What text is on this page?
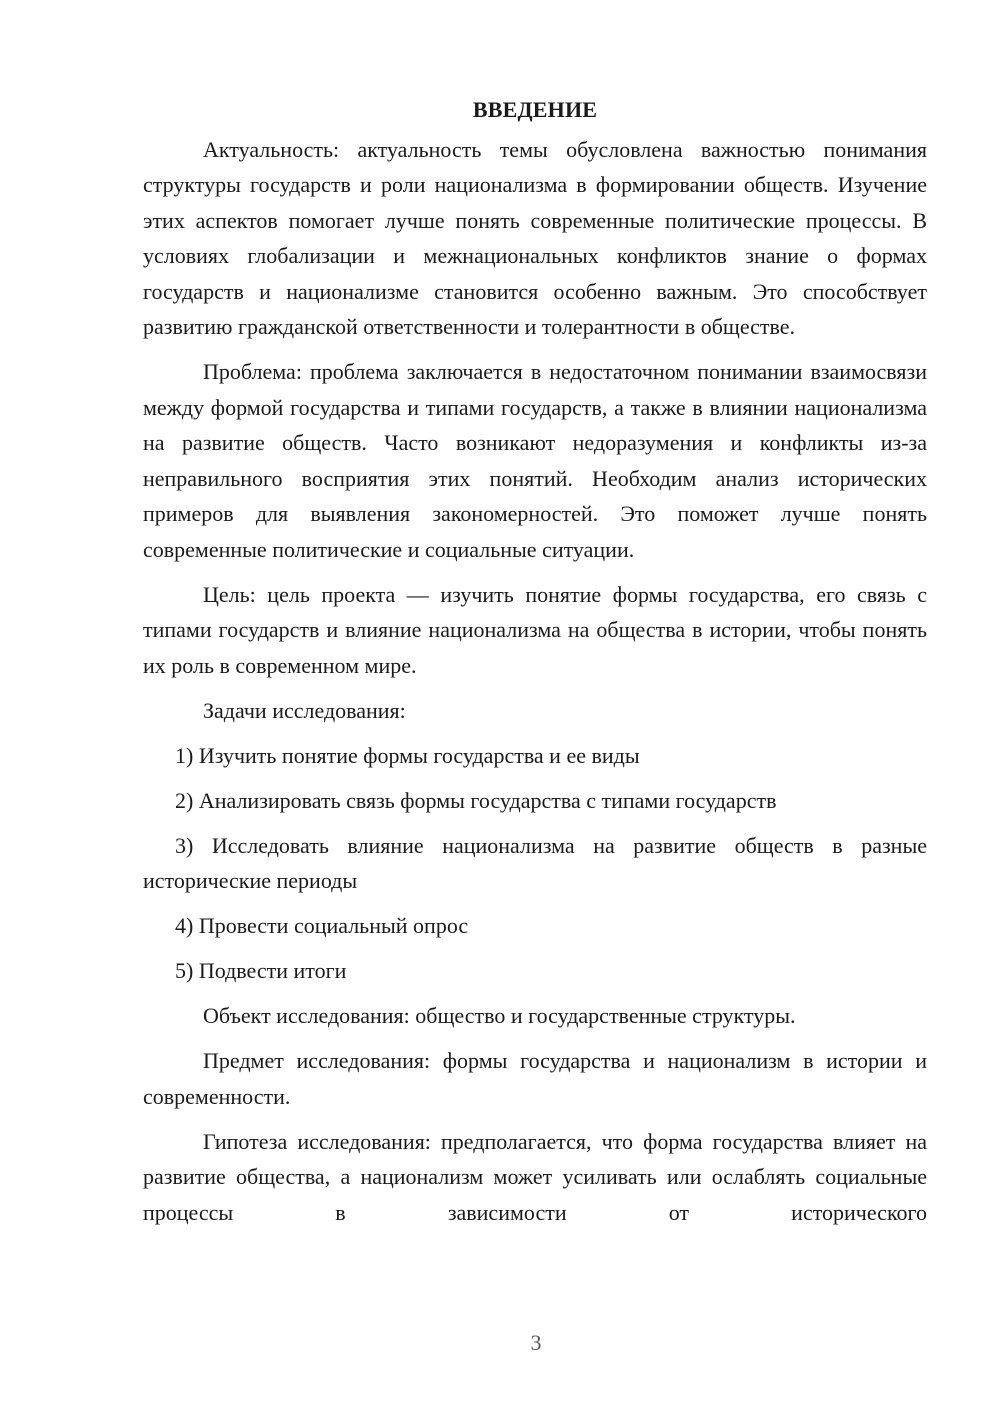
ВВЕДЕНИЕ

Актуальность: актуальность темы обусловлена важностью понимания структуры государств и роли национализма в формировании обществ. Изучение этих аспектов помогает лучше понять современные политические процессы. В условиях глобализации и межнациональных конфликтов знание о формах государств и национализме становится особенно важным. Это способствует развитию гражданской ответственности и толерантности в обществе.

Проблема: проблема заключается в недостаточном понимании взаимосвязи между формой государства и типами государств, а также в влиянии национализма на развитие обществ. Часто возникают недоразумения и конфликты из-за неправильного восприятия этих понятий. Необходим анализ исторических примеров для выявления закономерностей. Это поможет лучше понять современные политические и социальные ситуации.

Цель: цель проекта — изучить понятие формы государства, его связь с типами государств и влияние национализма на общества в истории, чтобы понять их роль в современном мире.

Задачи исследования:

1) Изучить понятие формы государства и ее виды

2) Анализировать связь формы государства с типами государств

3) Исследовать влияние национализма на развитие обществ в разные исторические периоды

4) Провести социальный опрос

5) Подвести итоги

Объект исследования: общество и государственные структуры.

Предмет исследования: формы государства и национализм в истории и современности.

Гипотеза исследования: предполагается, что форма государства влияет на развитие общества, а национализм может усиливать или ослаблять социальные процессы в зависимости от исторического

3
